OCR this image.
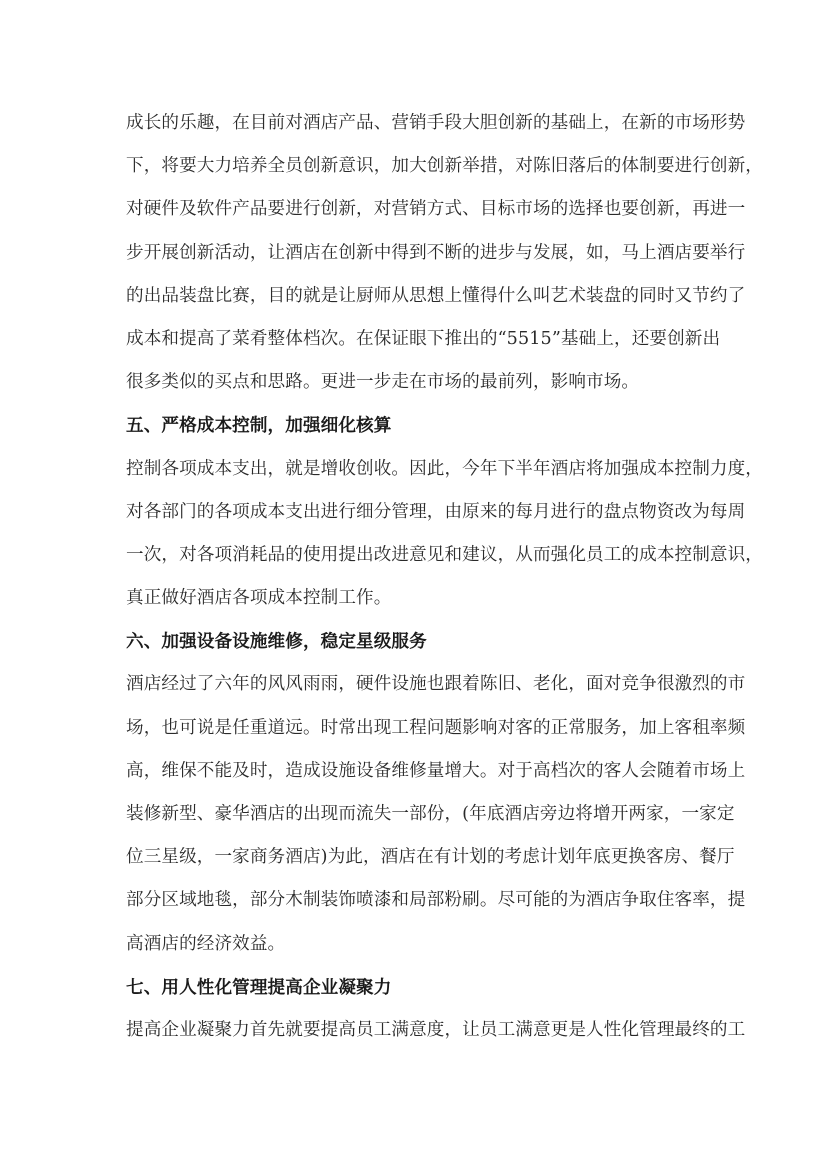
成长的乐趣，在目前对酒店产品、营销手段大胆创新的基础上，在新的市场形势
下，将要大力培养全员创新意识，加大创新举措，对陈旧落后的体制要进行创新，
对硬件及软件产品要进行创新，对营销方式、目标市场的选择也要创新，再进一
步开展创新活动，让酒店在创新中得到不断的进步与发展，如，马上酒店要举行
的出品装盘比赛，目的就是让厨师从思想上懂得什么叫艺术装盘的同时又节约了
成本和提高了菜肴整体档次。在保证眼下推出的“5515”基础上，还要创新出
很多类似的买点和思路。更进一步走在市场的最前列，影响市场。
五、严格成本控制，加强细化核算
控制各项成本支出，就是增收创收。因此，今年下半年酒店将加强成本控制力度，
对各部门的各项成本支出进行细分管理，由原来的每月进行的盘点物资改为每周
一次，对各项消耗品的使用提出改进意见和建议，从而强化员工的成本控制意识，
真正做好酒店各项成本控制工作。
六、加强设备设施维修，稳定星级服务
酒店经过了六年的风风雨雨，硬件设施也跟着陈旧、老化，面对竞争很激烈的市
场，也可说是任重道远。时常出现工程问题影响对客的正常服务，加上客租率频
高，维保不能及时，造成设施设备维修量增大。对于高档次的客人会随着市场上
装修新型、豪华酒店的出现而流失一部份，(年底酒店旁边将增开两家，一家定
位三星级，一家商务酒店)为此，酒店在有计划的考虑计划年底更换客房、餐厅
部分区域地毯，部分木制装饰喷漆和局部粉刷。尽可能的为酒店争取住客率，提
高酒店的经济效益。
七、用人性化管理提高企业凝聚力
提高企业凝聚力首先就要提高员工满意度，让员工满意更是人性化管理最终的工
